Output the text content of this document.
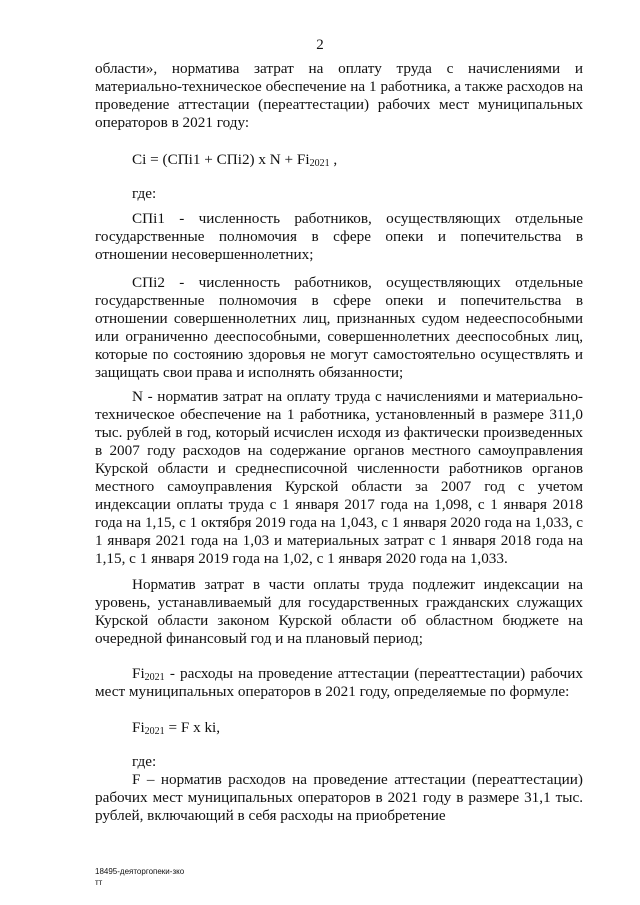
2
области», норматива затрат на оплату труда с начислениями и материально-техническое обеспечение на 1 работника, а также расходов на проведение аттестации (переаттестации) рабочих мест муниципальных операторов в 2021 году:
Ci = (СПi1 + СПi2) x $N + Fi_{2021}$ ,
где:
СПi1 - численность работников, осуществляющих отдельные государственные полномочия в сфере опеки и попечительства в отношении несовершеннолетних;
СПi2 - численность работников, осуществляющих отдельные государственные полномочия в сфере опеки и попечительства в отношении совершеннолетних лиц, признанных судом недееспособными или ограниченно дееспособными, совершеннолетних дееспособных лиц, которые по состоянию здоровья не могут самостоятельно осуществлять и защищать свои права и исполнять обязанности;
N - норматив затрат на оплату труда с начислениями и материально-техническое обеспечение на 1 работника, установленный в размере 311,0 тыс. рублей в год, который исчислен исходя из фактически произведенных в 2007 году расходов на содержание органов местного самоуправления Курской области и среднесписочной численности работников органов местного самоуправления Курской области за 2007 год с учетом индексации оплаты труда с 1 января 2017 года на 1,098, с 1 января 2018 года на 1,15, с 1 октября 2019 года на 1,043, с 1 января 2020 года на 1,033, с 1 января 2021 года на 1,03 и материальных затрат с 1 января 2018 года на 1,15, с 1 января 2019 года на 1,02, с 1 января 2020 года на 1,033.
Норматив затрат в части оплаты труда подлежит индексации на уровень, устанавливаемый для государственных гражданских служащих Курской области законом Курской области об областном бюджете на очередной финансовый год и на плановый период;
$Fi_{2021}$ - расходы на проведение аттестации (переаттестации) рабочих мест муниципальных операторов в 2021 году, определяемые по формуле:
$Fi_{2021} = F$ x ki,
где:
F – норматив расходов на проведение аттестации (переаттестации) рабочих мест муниципальных операторов в 2021 году в размере 31,1 тыс. рублей, включающий в себя расходы на приобретение
18495-деяторгопеки-зко
тт
